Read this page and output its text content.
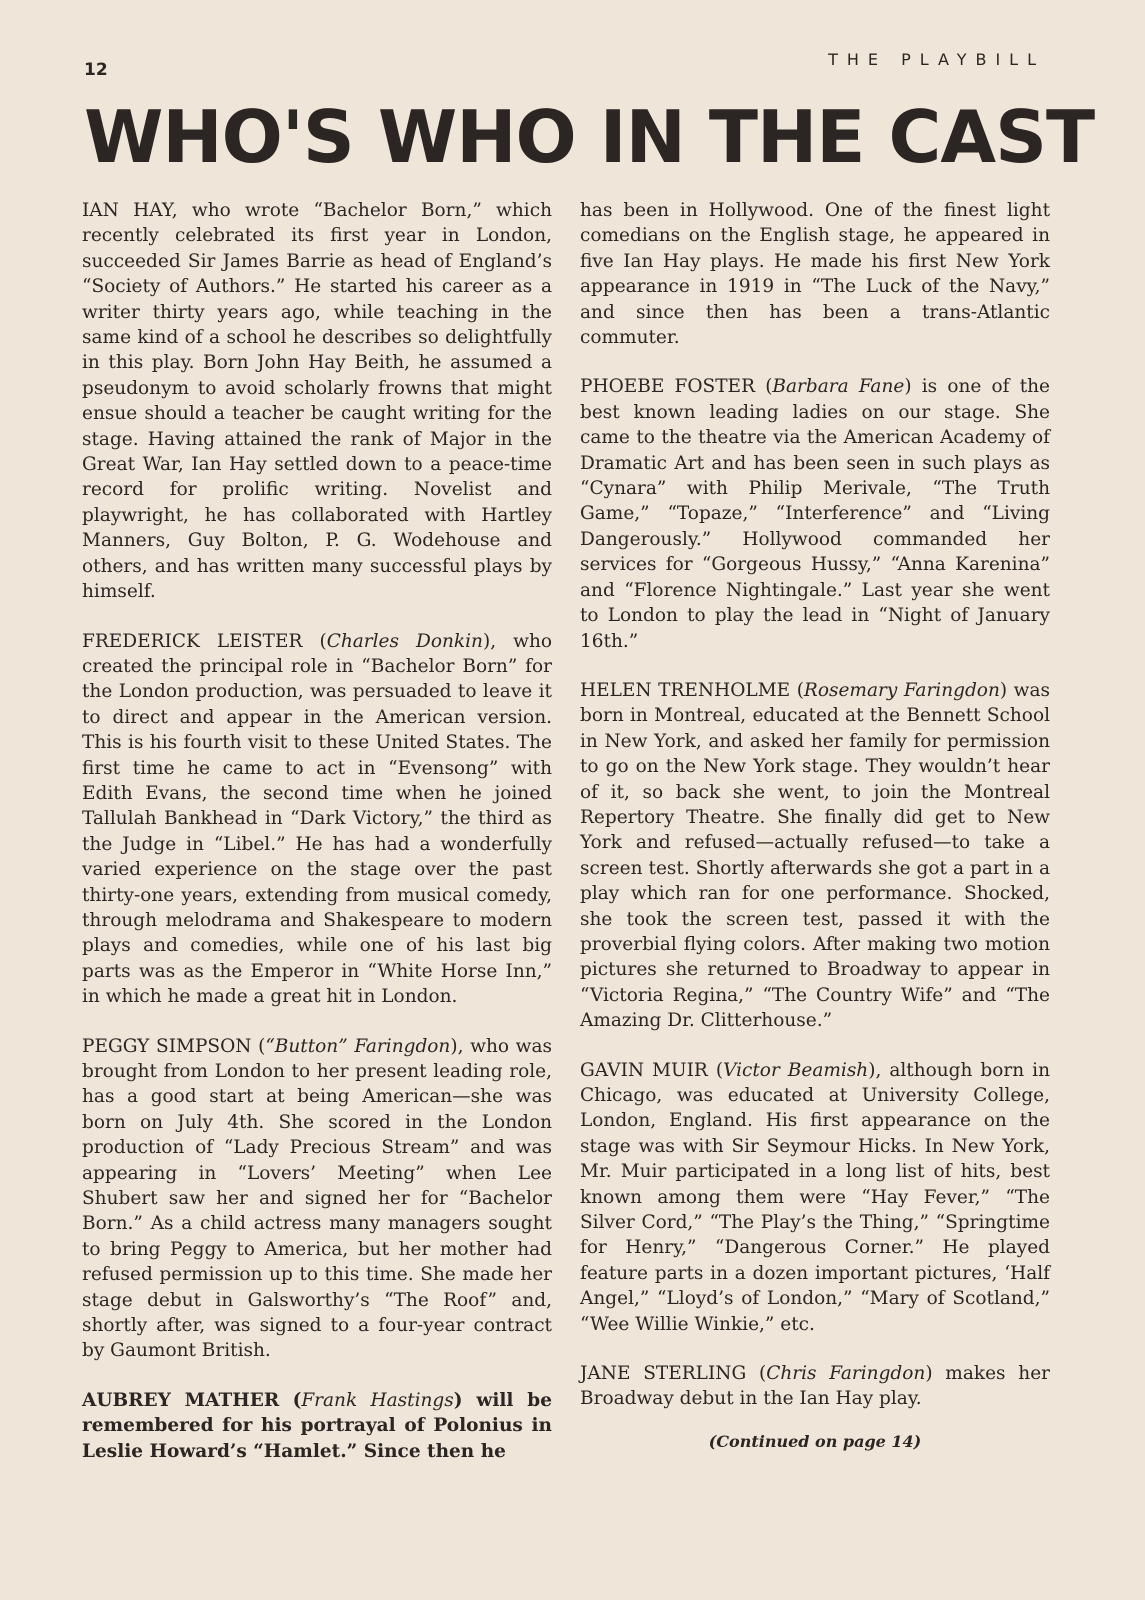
12
THE PLAYBILL
WHO'S WHO IN THE CAST

IAN HAY, who wrote “Bachelor Born,” which recently celebrated its first year in London, succeeded Sir James Barrie as head of England’s “Society of Authors.” He started his career as a writer thirty years ago, while teaching in the same kind of a school he describes so delightfully in this play. Born John Hay Beith, he assumed a pseudonym to avoid scholarly frowns that might ensue should a teacher be caught writing for the stage. Having attained the rank of Major in the Great War, Ian Hay settled down to a peace-time record for prolific writing. Novelist and playwright, he has collaborated with Hartley Manners, Guy Bolton, P. G. Wodehouse and others, and has written many successful plays by himself.

FREDERICK LEISTER (Charles Donkin), who created the principal role in “Bachelor Born” for the London production, was persuaded to leave it to direct and appear in the American version. This is his fourth visit to these United States. The first time he came to act in “Evensong” with Edith Evans, the second time when he joined Tallulah Bankhead in “Dark Victory,” the third as the Judge in “Libel.” He has had a wonderfully varied experience on the stage over the past thirty-one years, extending from musical comedy, through melodrama and Shakespeare to modern plays and comedies, while one of his last big parts was as the Emperor in “White Horse Inn,” in which he made a great hit in London.

PEGGY SIMPSON (“Button” Faringdon), who was brought from London to her present leading role, has a good start at being American—she was born on July 4th. She scored in the London production of “Lady Precious Stream” and was appearing in “Lovers’ Meeting” when Lee Shubert saw her and signed her for “Bachelor Born.” As a child actress many managers sought to bring Peggy to America, but her mother had refused permission up to this time. She made her stage debut in Galsworthy’s “The Roof” and, shortly after, was signed to a four-year contract by Gaumont British.

AUBREY MATHER (Frank Hastings) will be remembered for his portrayal of Polonius in Leslie Howard’s “Hamlet.” Since then he

has been in Hollywood. One of the finest light comedians on the English stage, he appeared in five Ian Hay plays. He made his first New York appearance in 1919 in “The Luck of the Navy,” and since then has been a trans-Atlantic commuter.

PHOEBE FOSTER (Barbara Fane) is one of the best known leading ladies on our stage. She came to the theatre via the American Academy of Dramatic Art and has been seen in such plays as “Cynara” with Philip Merivale, “The Truth Game,” “Topaze,” “Interference” and “Living Dangerously.” Hollywood commanded her services for “Gorgeous Hussy,” “Anna Karenina” and “Florence Nightingale.” Last year she went to London to play the lead in “Night of January 16th.”

HELEN TRENHOLME (Rosemary Faringdon) was born in Montreal, educated at the Bennett School in New York, and asked her family for permission to go on the New York stage. They wouldn’t hear of it, so back she went, to join the Montreal Repertory Theatre. She finally did get to New York and refused—actually refused—to take a screen test. Shortly afterwards she got a part in a play which ran for one performance. Shocked, she took the screen test, passed it with the proverbial flying colors. After making two motion pictures she returned to Broadway to appear in “Victoria Regina,” “The Country Wife” and “The Amazing Dr. Clitterhouse.”

GAVIN MUIR (Victor Beamish), although born in Chicago, was educated at University College, London, England. His first appearance on the stage was with Sir Seymour Hicks. In New York, Mr. Muir participated in a long list of hits, best known among them were “Hay Fever,” “The Silver Cord,” “The Play’s the Thing,” “Springtime for Henry,” “Dangerous Corner.” He played feature parts in a dozen important pictures, ‘Half Angel,” “Lloyd’s of London,” “Mary of Scotland,” “Wee Willie Winkie,” etc.

JANE STERLING (Chris Faringdon) makes her Broadway debut in the Ian Hay play.

(Continued on page 14)
